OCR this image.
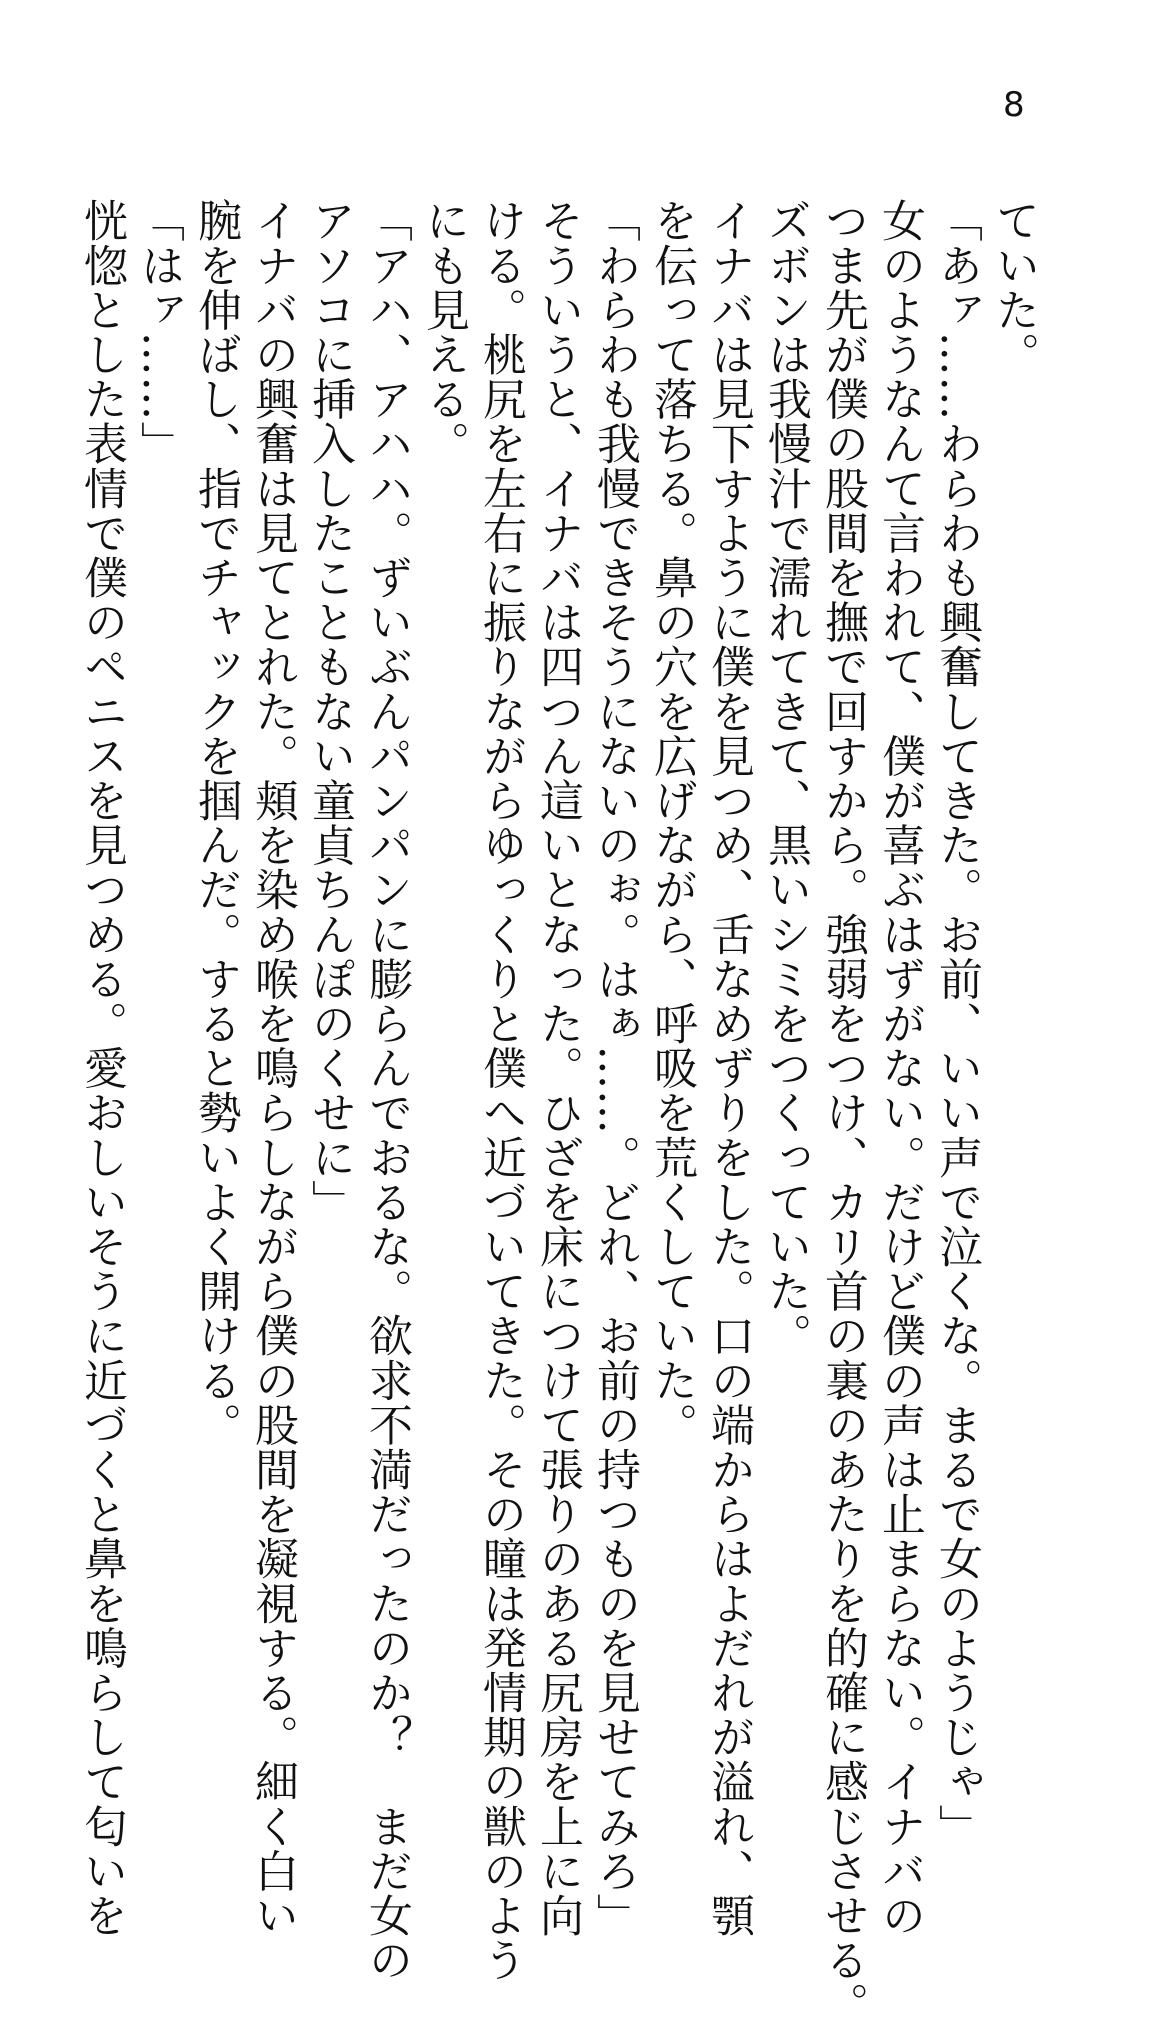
8
ていた。
「あァ……わらわも興奮してきた。お前、いい声で泣くな。まるで女のようじゃ」
女のようなんて言われて、僕が喜ぶはずがない。だけど僕の声は止まらない。イナバの
つま先が僕の股間を撫で回すから。強弱をつけ、カリ首の裏のあたりを的確に感じさせる。
ズボンは我慢汁で濡れてきて、黒いシミをつくっていた。
イナバは見下すように僕を見つめ、舌なめずりをした。口の端からはよだれが溢れ、顎
を伝って落ちる。鼻の穴を広げながら、呼吸を荒くしていた。
「わらわも我慢できそうにないのぉ。はぁ……。どれ、お前の持つものを見せてみろ」
そういうと、イナバは四つん這いとなった。ひざを床につけて張りのある尻房を上に向
ける。桃尻を左右に振りながらゆっくりと僕へ近づいてきた。その瞳は発情期の獣のよう
にも見える。
「アハ、アハハ。ずいぶんパンパンに膨らんでおるな。欲求不満だったのか？　まだ女の
アソコに挿入したこともない童貞ちんぽのくせに」
イナバの興奮は見てとれた。頬を染め喉を鳴らしながら僕の股間を凝視する。細く白い
腕を伸ばし、指でチャックを掴んだ。すると勢いよく開ける。
「はァ……」
恍惚とした表情で僕のペニスを見つめる。愛おしいそうに近づくと鼻を鳴らして匂いを
